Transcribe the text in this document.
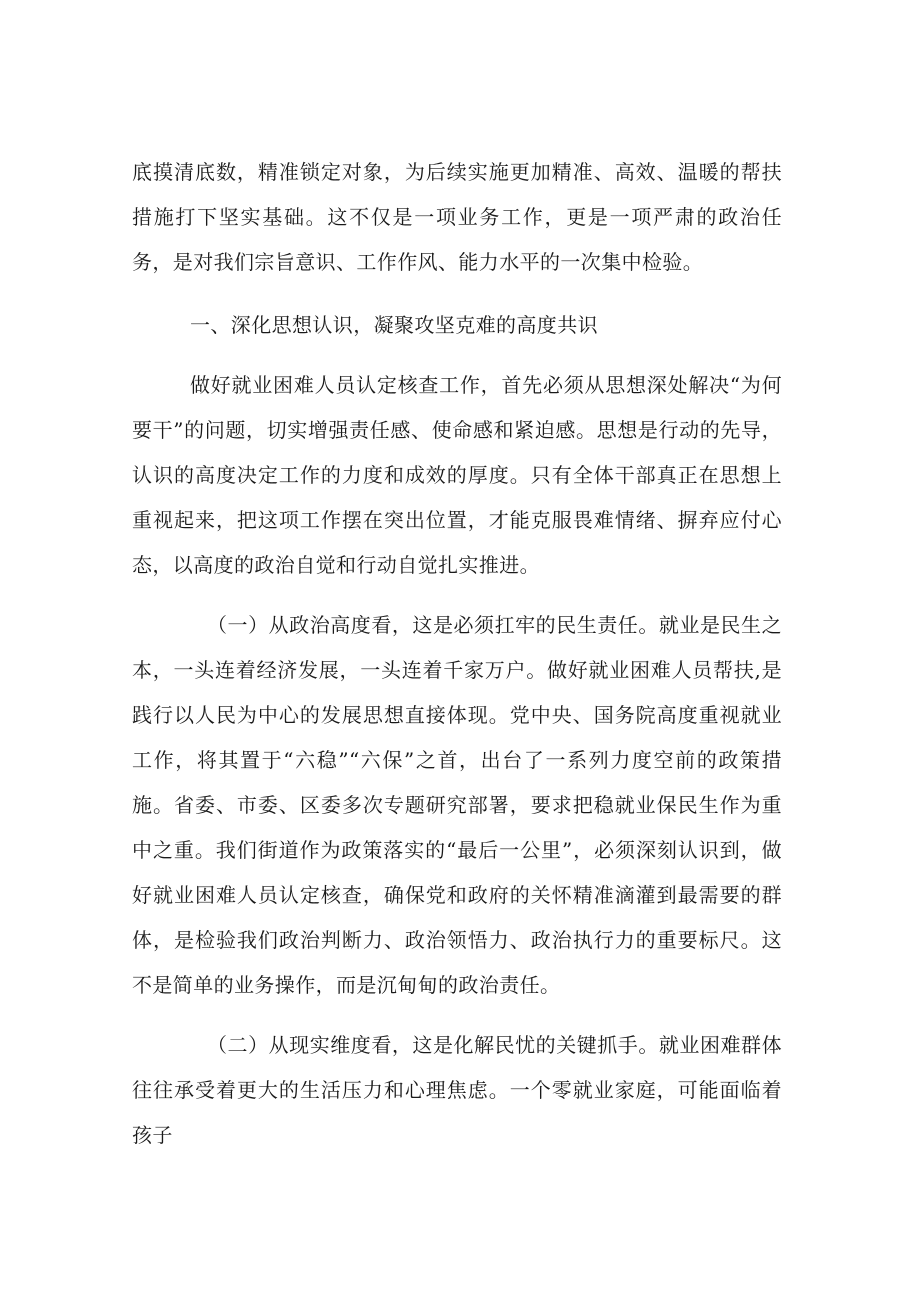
底摸清底数，精准锁定对象，为后续实施更加精准、高效、温暖的帮扶措施打下坚实基础。这不仅是一项业务工作，更是一项严肃的政治任务，是对我们宗旨意识、工作作风、能力水平的一次集中检验。
一、深化思想认识，凝聚攻坚克难的高度共识
做好就业困难人员认定核查工作，首先必须从思想深处解决“为何要干”的问题，切实增强责任感、使命感和紧迫感。思想是行动的先导，认识的高度决定工作的力度和成效的厚度。只有全体干部真正在思想上重视起来，把这项工作摆在突出位置，才能克服畏难情绪、摒弃应付心态，以高度的政治自觉和行动自觉扎实推进。
（一）从政治高度看，这是必须扛牢的民生责任。就业是民生之本，一头连着经济发展，一头连着千家万户。做好就业困难人员帮扶,是践行以人民为中心的发展思想直接体现。党中央、国务院高度重视就业工作，将其置于“六稳”“六保”之首，出台了一系列力度空前的政策措施。省委、市委、区委多次专题研究部署，要求把稳就业保民生作为重中之重。我们街道作为政策落实的“最后一公里”，必须深刻认识到，做好就业困难人员认定核查，确保党和政府的关怀精准滴灌到最需要的群体，是检验我们政治判断力、政治领悟力、政治执行力的重要标尺。这不是简单的业务操作，而是沉甸甸的政治责任。
（二）从现实维度看，这是化解民忧的关键抓手。就业困难群体往往承受着更大的生活压力和心理焦虑。一个零就业家庭，可能面临着孩子
